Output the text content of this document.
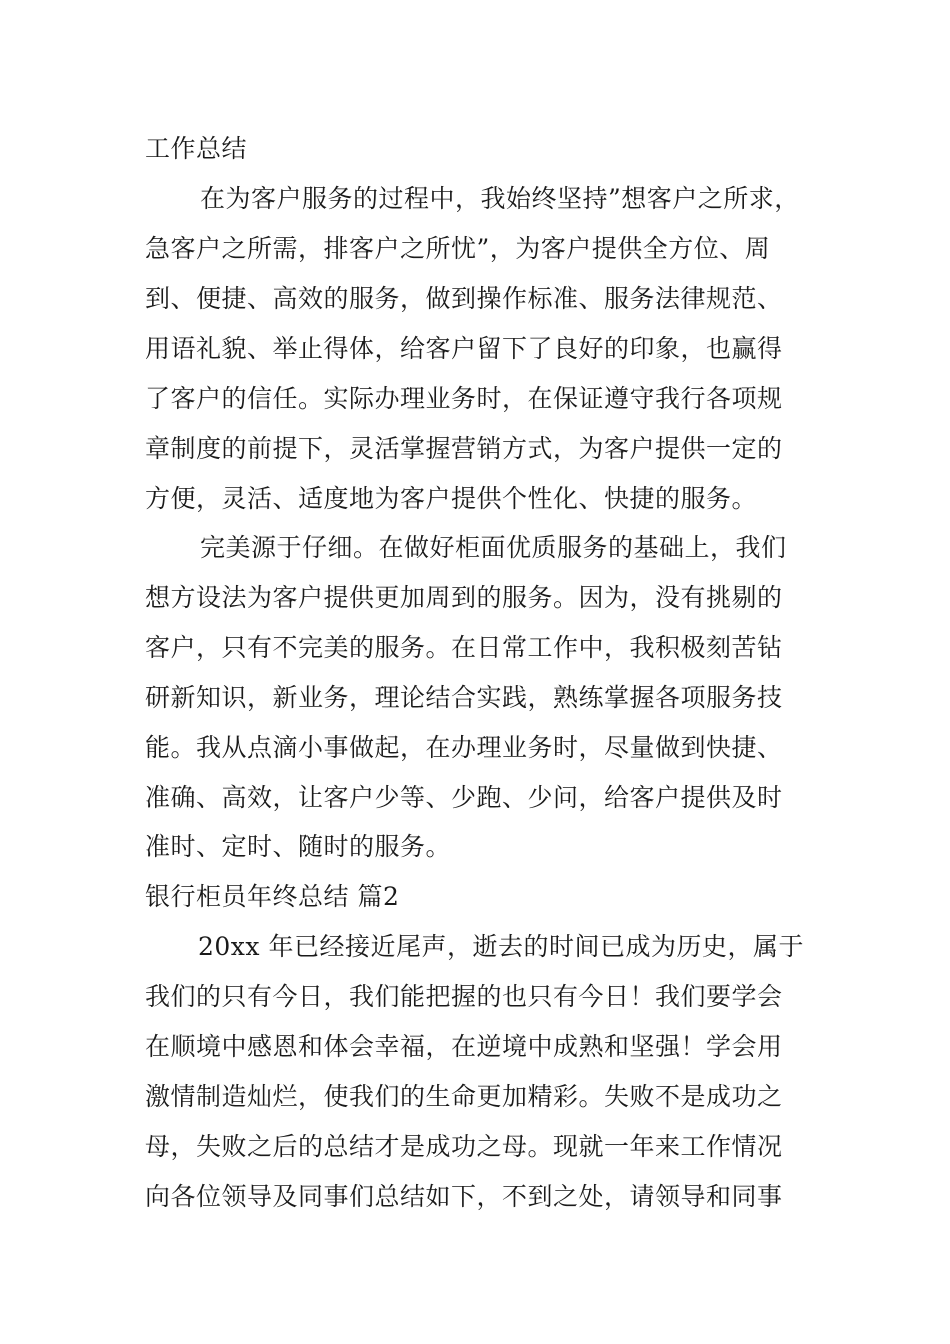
工作总结
在为客户服务的过程中，我始终坚持”想客户之所求，
急客户之所需，排客户之所忧”，为客户提供全方位、周
到、便捷、高效的服务，做到操作标准、服务法律规范、
用语礼貌、举止得体，给客户留下了良好的印象，也赢得
了客户的信任。实际办理业务时，在保证遵守我行各项规
章制度的前提下，灵活掌握营销方式，为客户提供一定的
方便，灵活、适度地为客户提供个性化、快捷的服务。
完美源于仔细。在做好柜面优质服务的基础上，我们
想方设法为客户提供更加周到的服务。因为，没有挑剔的
客户，只有不完美的服务。在日常工作中，我积极刻苦钻
研新知识，新业务，理论结合实践，熟练掌握各项服务技
能。我从点滴小事做起，在办理业务时，尽量做到快捷、
准确、高效，让客户少等、少跑、少问，给客户提供及时
准时、定时、随时的服务。
银行柜员年终总结 篇2
20xx 年已经接近尾声，逝去的时间已成为历史，属于
我们的只有今日，我们能把握的也只有今日！我们要学会
在顺境中感恩和体会幸福，在逆境中成熟和坚强！学会用
激情制造灿烂，使我们的生命更加精彩。失败不是成功之
母，失败之后的总结才是成功之母。现就一年来工作情况
向各位领导及同事们总结如下，不到之处，请领导和同事
